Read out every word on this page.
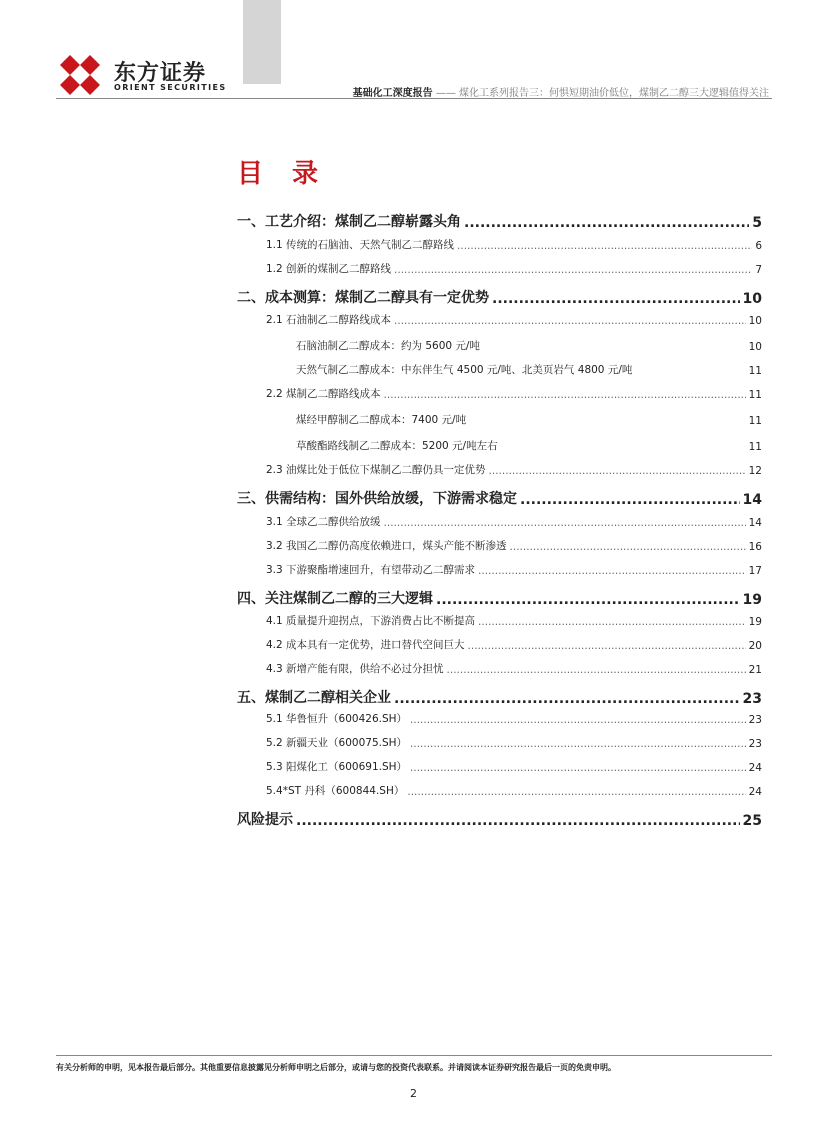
东方证券
ORIENT SECURITIES
基础化工深度报告 —— 煤化工系列报告三：何惧短期油价低位，煤制乙二醇三大逻辑值得关注
目 录
一、工艺介绍：煤制乙二醇崭露头角 .....	5
1.1 传统的石脑油、天然气制乙二醇路线 .....	6
1.2 创新的煤制乙二醇路线 .....	7
二、成本测算：煤制乙二醇具有一定优势 .....	10
2.1 石油制乙二醇路线成本 .....	10
石脑油制乙二醇成本：约为 5600 元/吨	10
天然气制乙二醇成本：中东伴生气 4500 元/吨、北美页岩气 4800 元/吨	11
2.2 煤制乙二醇路线成本 .....	11
煤经甲醇制乙二醇成本：7400 元/吨	11
草酸酯路线制乙二醇成本：5200 元/吨左右	11
2.3 油煤比处于低位下煤制乙二醇仍具一定优势 .....	12
三、供需结构：国外供给放缓，下游需求稳定 .....	14
3.1 全球乙二醇供给放缓 .....	14
3.2 我国乙二醇仍高度依赖进口，煤头产能不断渗透 .....	16
3.3 下游聚酯增速回升，有望带动乙二醇需求 .....	17
四、关注煤制乙二醇的三大逻辑 .....	19
4.1 质量提升迎拐点，下游消费占比不断提高 .....	19
4.2 成本具有一定优势，进口替代空间巨大 .....	20
4.3 新增产能有限，供给不必过分担忧 .....	21
五、煤制乙二醇相关企业 .....	23
5.1 华鲁恒升（600426.SH） .....	23
5.2 新疆天业（600075.SH） .....	23
5.3 阳煤化工（600691.SH） .....	24
5.4*ST 丹科（600844.SH） .....	24
风险提示 .....	25
有关分析师的申明，见本报告最后部分。其他重要信息披露见分析师申明之后部分，或请与您的投资代表联系。并请阅读本证券研究报告最后一页的免责申明。
2
